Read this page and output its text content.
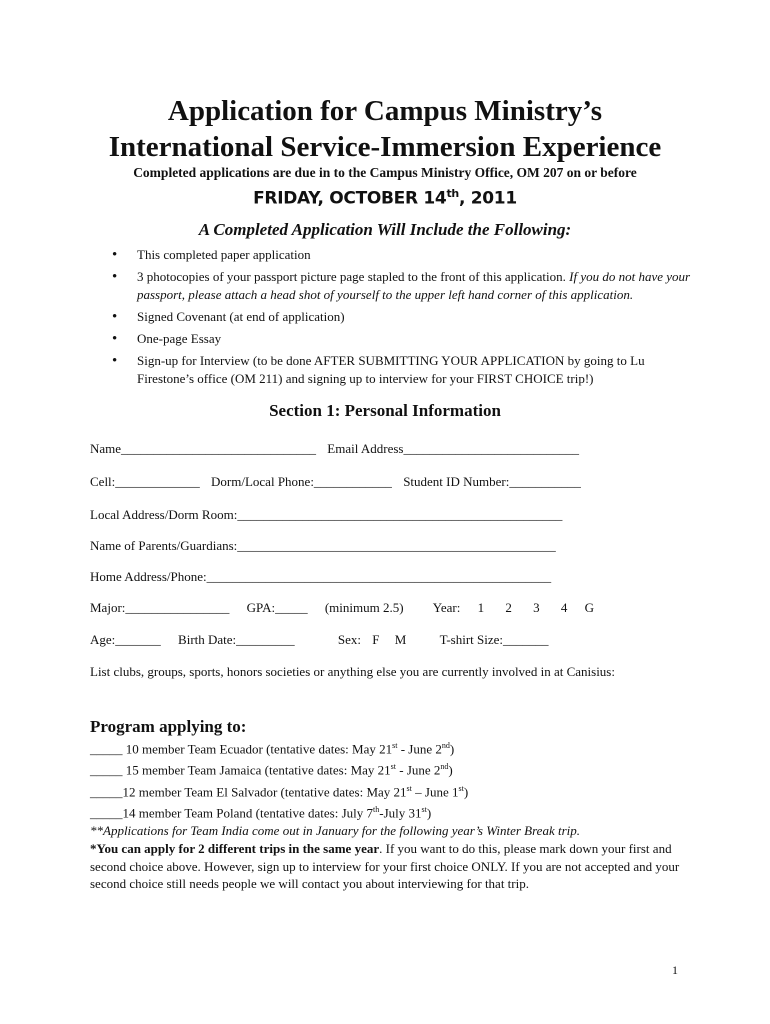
Application for Campus Ministry’s
International Service-Immersion Experience
Completed applications are due in to the Campus Ministry Office, OM 207 on or before
FRIDAY, OCTOBER 14th, 2011
A Completed Application Will Include the Following:
• This completed paper application
• 3 photocopies of your passport picture page stapled to the front of this application. If you do not have your passport, please attach a head shot of yourself to the upper left hand corner of this application.
• Signed Covenant (at end of application)
• One-page Essay
• Sign-up for Interview (to be done AFTER SUBMITTING YOUR APPLICATION by going to Lu Firestone’s office (OM 211) and signing up to interview for your FIRST CHOICE trip!)
Section 1: Personal Information
Name______________________________ Email Address___________________________
Cell:_____________ Dorm/Local Phone:____________ Student ID Number:___________
Local Address/Dorm Room:__________________________________________________
Name of Parents/Guardians:_________________________________________________
Home Address/Phone:_____________________________________________________
Major:________________ GPA:_____ (minimum 2.5) Year: 1 2 3 4 G
Age:_______ Birth Date:_________	Sex: F M	T-shirt Size:_______
List clubs, groups, sports, honors societies or anything else you are currently involved in at Canisius:
Program applying to:
_____ 10 member Team Ecuador (tentative dates: May 21st - June 2nd)
_____ 15 member Team Jamaica (tentative dates: May 21st - June 2nd)
_____12 member Team El Salvador (tentative dates: May 21st – June 1st)
_____14 member Team Poland (tentative dates: July 7th-July 31st)
**Applications for Team India come out in January for the following year’s Winter Break trip.
*You can apply for 2 different trips in the same year. If you want to do this, please mark down your first and second choice above. However, sign up to interview for your first choice ONLY. If you are not accepted and your second choice still needs people we will contact you about interviewing for that trip.
1
